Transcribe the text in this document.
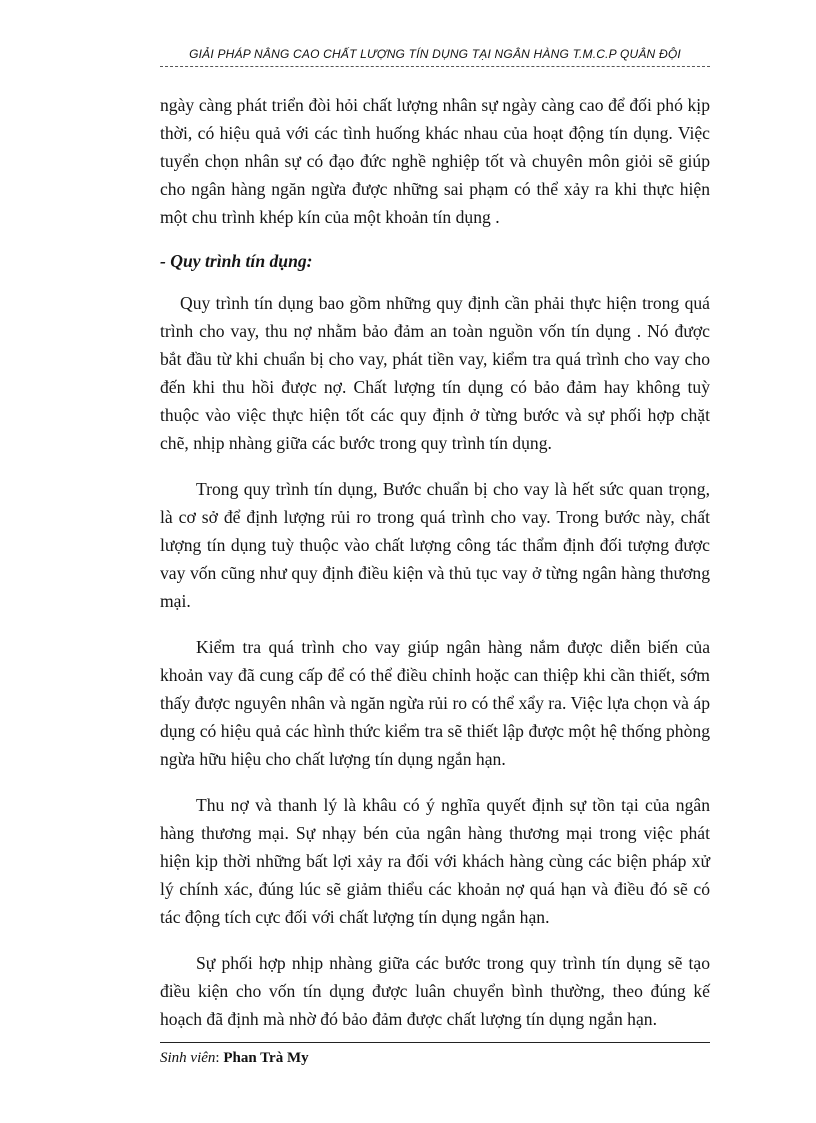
GIẢI PHÁP NÂNG CAO CHẤT LƯỢNG TÍN DỤNG TẠI NGÂN HÀNG T.M.C.P QUÂN ĐỘI

ngày càng phát triển đòi hỏi chất lượng nhân sự ngày càng cao để đối phó kịp thời, có hiệu quả với các tình huống khác nhau của hoạt động tín dụng. Việc tuyển chọn nhân sự có đạo đức nghề nghiệp tốt và chuyên môn giỏi sẽ giúp cho ngân hàng ngăn ngừa được những sai phạm có thể xảy ra khi thực hiện một chu trình khép kín của một khoản tín dụng .

- Quy trình tín dụng:

Quy trình tín dụng bao gồm những quy định cần phải thực hiện trong quá trình cho vay, thu nợ nhằm bảo đảm an toàn nguồn vốn tín dụng . Nó được bắt đầu từ khi chuẩn bị cho vay, phát tiền vay, kiểm tra quá trình cho vay cho đến khi thu hồi được nợ. Chất lượng tín dụng có bảo đảm hay không tuỳ thuộc vào việc thực hiện tốt các quy định ở từng bước và sự phối hợp chặt chẽ, nhịp nhàng giữa các bước trong quy trình tín dụng.

Trong quy trình tín dụng, Bước chuẩn bị cho vay là hết sức quan trọng, là cơ sở để định lượng rủi ro trong quá trình cho vay. Trong bước này, chất lượng tín dụng tuỳ thuộc vào chất lượng công tác thẩm định đối tượng được vay vốn cũng như quy định điều kiện và thủ tục vay ở từng ngân hàng thương mại.

Kiểm tra quá trình cho vay giúp ngân hàng nắm được diễn biến của khoản vay đã cung cấp để có thể điều chỉnh hoặc can thiệp khi cần thiết, sớm thấy được nguyên nhân và ngăn ngừa rủi ro có thể xẩy ra. Việc lựa chọn và áp dụng có hiệu quả các hình thức kiểm tra sẽ thiết lập được một hệ thống phòng ngừa hữu hiệu cho chất lượng tín dụng ngắn hạn.

Thu nợ và thanh lý là khâu có ý nghĩa quyết định sự tồn tại của ngân hàng thương mại. Sự nhạy bén của ngân hàng thương mại trong việc phát hiện kịp thời những bất lợi xảy ra đối với khách hàng cùng các biện pháp xử lý chính xác, đúng lúc sẽ giảm thiểu các khoản nợ quá hạn và điều đó sẽ có tác động tích cực đối với chất lượng tín dụng ngắn hạn.

Sự phối hợp nhịp nhàng giữa các bước trong quy trình tín dụng sẽ tạo điều kiện cho vốn tín dụng được luân chuyển bình thường, theo đúng kế hoạch đã định mà nhờ đó bảo đảm được chất lượng tín dụng ngắn hạn.

Sinh viên: Phan Trà My
